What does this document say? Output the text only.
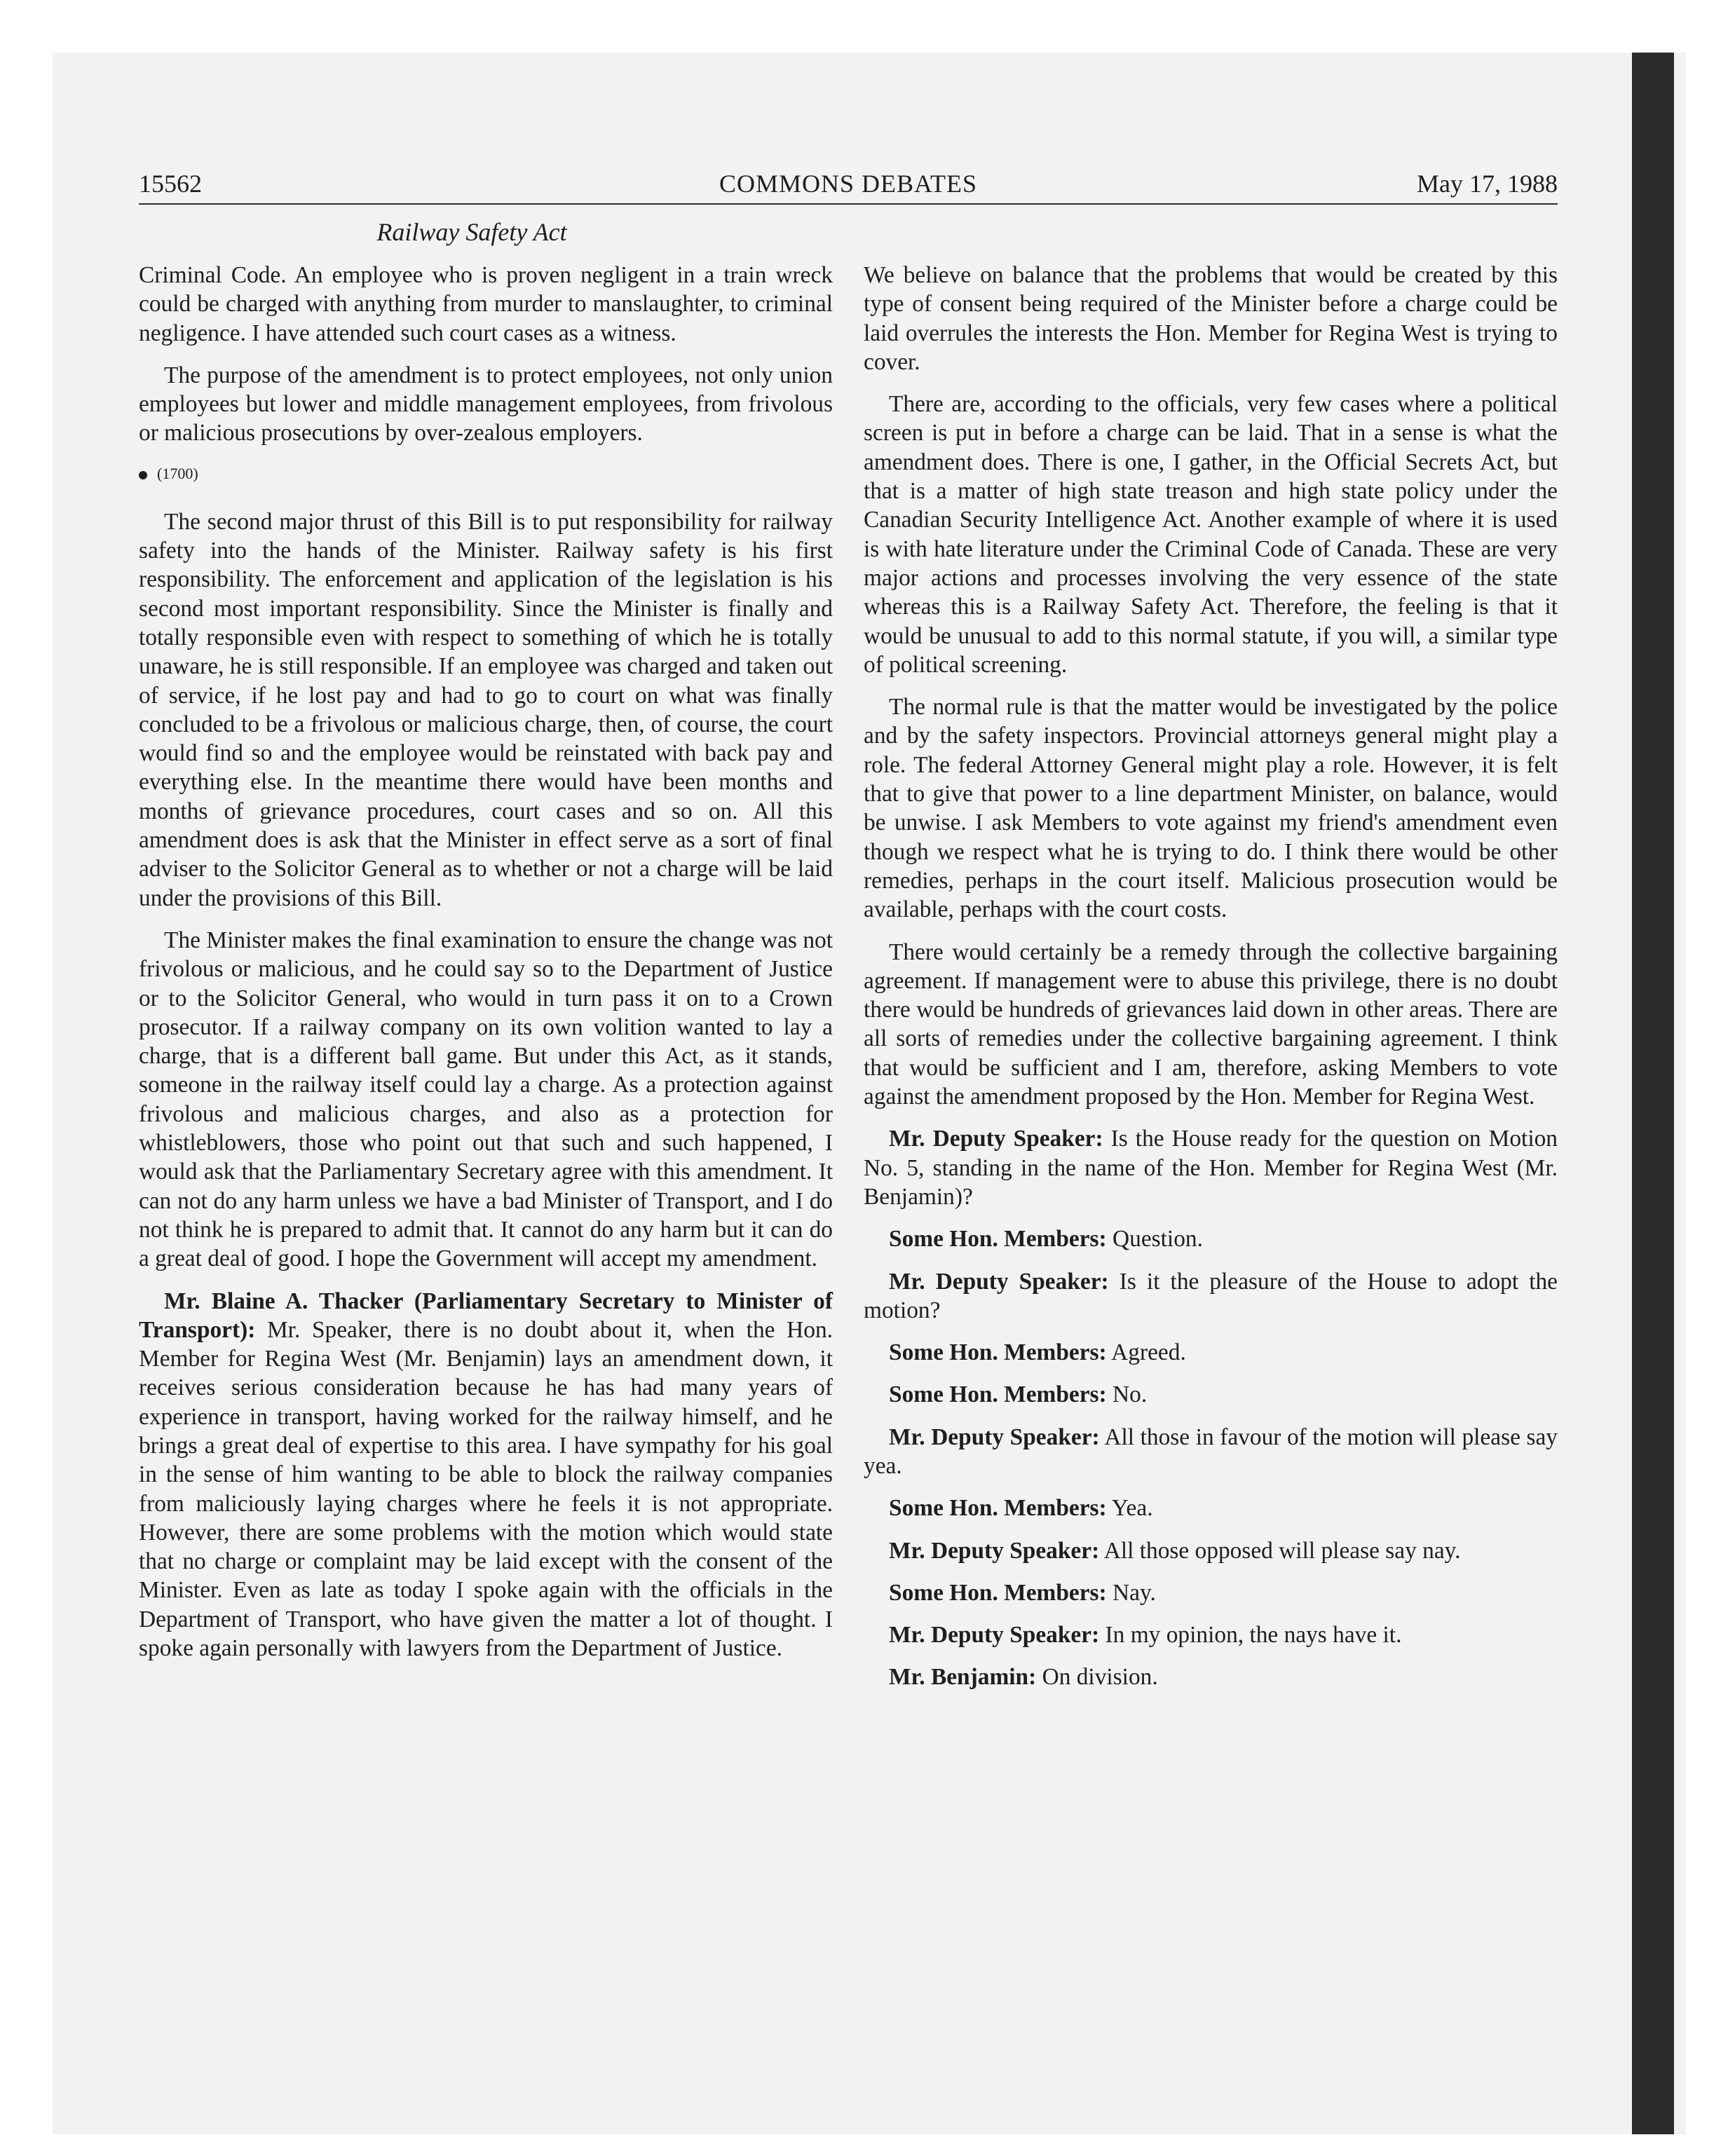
15562	COMMONS DEBATES	May 17, 1988
Railway Safety Act

Criminal Code. An employee who is proven negligent in a train wreck could be charged with anything from murder to manslaughter, to criminal negligence. I have attended such court cases as a witness.

The purpose of the amendment is to protect employees, not only union employees but lower and middle management employees, from frivolous or malicious prosecutions by over-zealous employers.

(1700)

The second major thrust of this Bill is to put responsibility for railway safety into the hands of the Minister. Railway safety is his first responsibility. The enforcement and application of the legislation is his second most important responsibility. Since the Minister is finally and totally responsible even with respect to something of which he is totally unaware, he is still responsible. If an employee was charged and taken out of service, if he lost pay and had to go to court on what was finally concluded to be a frivolous or malicious charge, then, of course, the court would find so and the employee would be reinstated with back pay and everything else. In the meantime there would have been months and months of grievance procedures, court cases and so on. All this amendment does is ask that the Minister in effect serve as a sort of final adviser to the Solicitor General as to whether or not a charge will be laid under the provisions of this Bill.

The Minister makes the final examination to ensure the change was not frivolous or malicious, and he could say so to the Department of Justice or to the Solicitor General, who would in turn pass it on to a Crown prosecutor. If a railway company on its own volition wanted to lay a charge, that is a different ball game. But under this Act, as it stands, someone in the railway itself could lay a charge. As a protection against frivolous and malicious charges, and also as a protection for whistleblowers, those who point out that such and such happened, I would ask that the Parliamentary Secretary agree with this amendment. It can not do any harm unless we have a bad Minister of Transport, and I do not think he is prepared to admit that. It cannot do any harm but it can do a great deal of good. I hope the Government will accept my amendment.

Mr. Blaine A. Thacker (Parliamentary Secretary to Minister of Transport): Mr. Speaker, there is no doubt about it, when the Hon. Member for Regina West (Mr. Benjamin) lays an amendment down, it receives serious consideration because he has had many years of experience in transport, having worked for the railway himself, and he brings a great deal of expertise to this area. I have sympathy for his goal in the sense of him wanting to be able to block the railway companies from maliciously laying charges where he feels it is not appropriate. However, there are some problems with the motion which would state that no charge or complaint may be laid except with the consent of the Minister. Even as late as today I spoke again with the officials in the Department of Transport, who have given the matter a lot of thought. I spoke again personally with lawyers from the Department of Justice.

We believe on balance that the problems that would be created by this type of consent being required of the Minister before a charge could be laid overrules the interests the Hon. Member for Regina West is trying to cover.

There are, according to the officials, very few cases where a political screen is put in before a charge can be laid. That in a sense is what the amendment does. There is one, I gather, in the Official Secrets Act, but that is a matter of high state treason and high state policy under the Canadian Security Intelligence Act. Another example of where it is used is with hate literature under the Criminal Code of Canada. These are very major actions and processes involving the very essence of the state whereas this is a Railway Safety Act. Therefore, the feeling is that it would be unusual to add to this normal statute, if you will, a similar type of political screening.

The normal rule is that the matter would be investigated by the police and by the safety inspectors. Provincial attorneys general might play a role. The federal Attorney General might play a role. However, it is felt that to give that power to a line department Minister, on balance, would be unwise. I ask Members to vote against my friend's amendment even though we respect what he is trying to do. I think there would be other remedies, perhaps in the court itself. Malicious prosecution would be available, perhaps with the court costs.

There would certainly be a remedy through the collective bargaining agreement. If management were to abuse this privilege, there is no doubt there would be hundreds of grievances laid down in other areas. There are all sorts of remedies under the collective bargaining agreement. I think that would be sufficient and I am, therefore, asking Members to vote against the amendment proposed by the Hon. Member for Regina West.

Mr. Deputy Speaker: Is the House ready for the question on Motion No. 5, standing in the name of the Hon. Member for Regina West (Mr. Benjamin)?

Some Hon. Members: Question.

Mr. Deputy Speaker: Is it the pleasure of the House to adopt the motion?

Some Hon. Members: Agreed.

Some Hon. Members: No.

Mr. Deputy Speaker: All those in favour of the motion will please say yea.

Some Hon. Members: Yea.

Mr. Deputy Speaker: All those opposed will please say nay.

Some Hon. Members: Nay.

Mr. Deputy Speaker: In my opinion, the nays have it.

Mr. Benjamin: On division.
